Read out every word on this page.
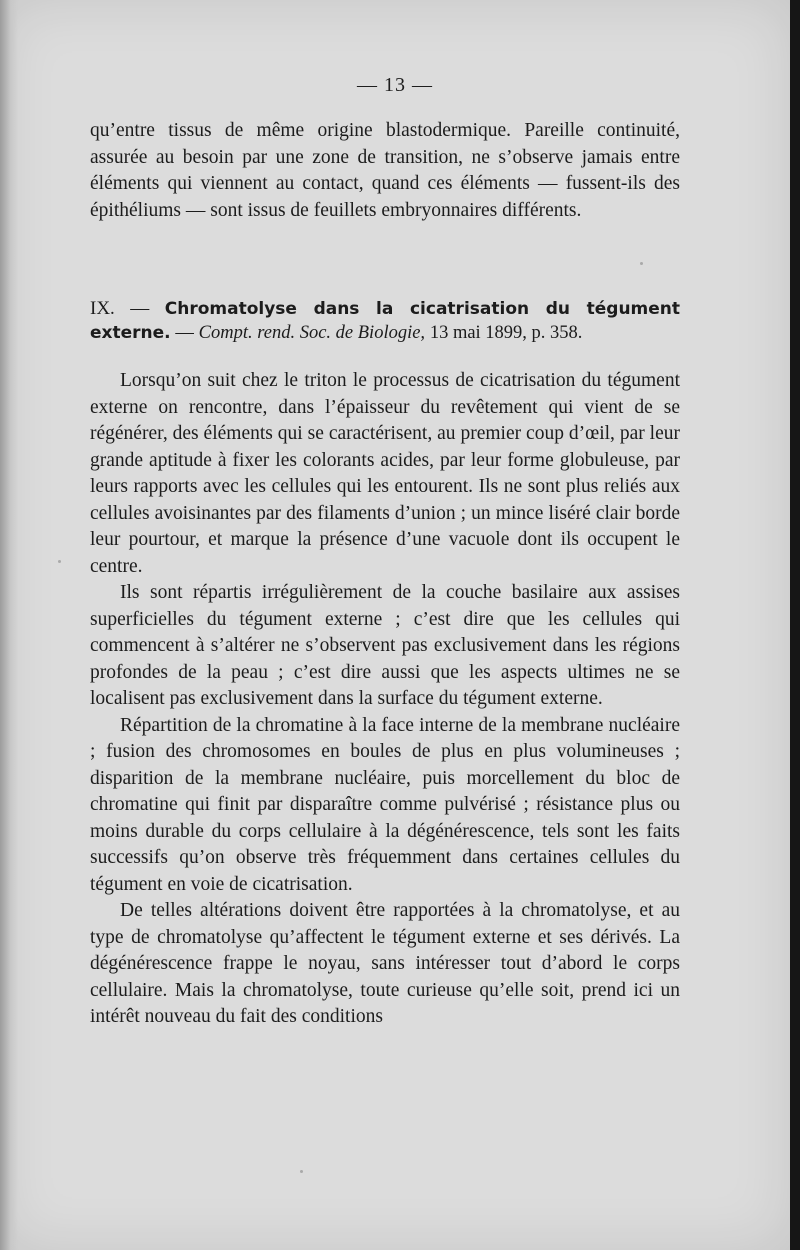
— 13 —

qu’entre tissus de même origine blastodermique. Pareille continuité, assurée au besoin par une zone de transition, ne s’observe jamais entre éléments qui viennent au contact, quand ces éléments — fussent-ils des épithéliums — sont issus de feuillets embryonnaires différents.

IX. — Chromatolyse dans la cicatrisation du tégument externe. — Compt. rend. Soc. de Biologie, 13 mai 1899, p. 358.

Lorsqu’on suit chez le triton le processus de cicatrisation du tégument externe on rencontre, dans l’épaisseur du revêtement qui vient de se régénérer, des éléments qui se caractérisent, au premier coup d’œil, par leur grande aptitude à fixer les colorants acides, par leur forme globuleuse, par leurs rapports avec les cellules qui les entourent. Ils ne sont plus reliés aux cellules avoisinantes par des filaments d’union ; un mince liséré clair borde leur pourtour, et marque la présence d’une vacuole dont ils occupent le centre.

Ils sont répartis irrégulièrement de la couche basilaire aux assises superficielles du tégument externe ; c’est dire que les cellules qui commencent à s’altérer ne s’observent pas exclusivement dans les régions profondes de la peau ; c’est dire aussi que les aspects ultimes ne se localisent pas exclusivement dans la surface du tégument externe.

Répartition de la chromatine à la face interne de la membrane nucléaire ; fusion des chromosomes en boules de plus en plus volumineuses ; disparition de la membrane nucléaire, puis morcellement du bloc de chromatine qui finit par disparaître comme pulvérisé ; résistance plus ou moins durable du corps cellulaire à la dégénérescence, tels sont les faits successifs qu’on observe très fréquemment dans certaines cellules du tégument en voie de cicatrisation.

De telles altérations doivent être rapportées à la chromatolyse, et au type de chromatolyse qu’affectent le tégument externe et ses dérivés. La dégénérescence frappe le noyau, sans intéresser tout d’abord le corps cellulaire. Mais la chromatolyse, toute curieuse qu’elle soit, prend ici un intérêt nouveau du fait des conditions
